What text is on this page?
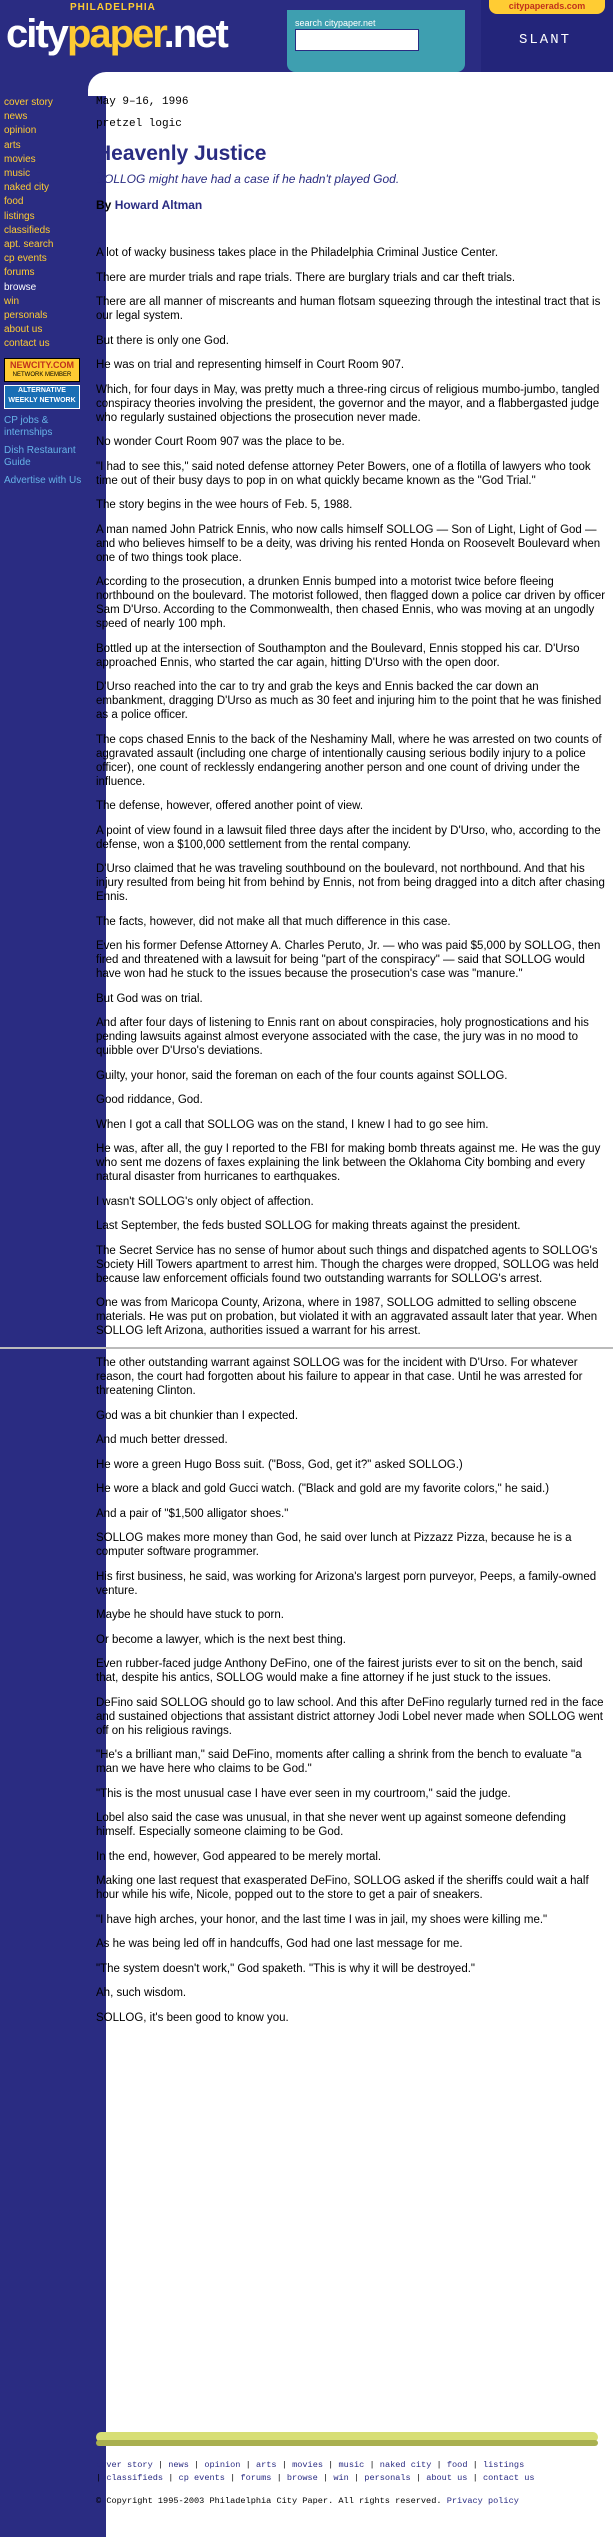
PHILADELPHIA
citypaper.net	search citypaper.net
citypaperads.com
SLANT
cover story
news
opinion
arts
movies
music
naked city
food
listings
classifieds
apt. search
cp events
forums
browse
win
personals
about us
contact us
NEWCITY.COM
NETWORK MEMBER
ALTERNATIVE
WEEKLY NETWORK
CP jobs & internships
Dish Restaurant Guide
Advertise with Us
May 9–16, 1996
pretzel logic
Heavenly Justice
SOLLOG might have had a case if he hadn't played God.
By Howard Altman

A lot of wacky business takes place in the Philadelphia Criminal Justice Center.

There are murder trials and rape trials. There are burglary trials and car theft trials.

There are all manner of miscreants and human flotsam squeezing through the intestinal tract that is our legal system.

But there is only one God.

He was on trial and representing himself in Court Room 907.

Which, for four days in May, was pretty much a three-ring circus of religious mumbo-jumbo, tangled conspiracy theories involving the president, the governor and the mayor, and a flabbergasted judge who regularly sustained objections the prosecution never made.

No wonder Court Room 907 was the place to be.

"I had to see this," said noted defense attorney Peter Bowers, one of a flotilla of lawyers who took time out of their busy days to pop in on what quickly became known as the "God Trial."

The story begins in the wee hours of Feb. 5, 1988.

A man named John Patrick Ennis, who now calls himself SOLLOG — Son of Light, Light of God — and who believes himself to be a deity, was driving his rented Honda on Roosevelt Boulevard when one of two things took place.

According to the prosecution, a drunken Ennis bumped into a motorist twice before fleeing northbound on the boulevard. The motorist followed, then flagged down a police car driven by officer Sam D'Urso. According to the Commonwealth, then chased Ennis, who was moving at an ungodly speed of nearly 100 mph.

Bottled up at the intersection of Southampton and the Boulevard, Ennis stopped his car. D'Urso approached Ennis, who started the car again, hitting D'Urso with the open door.

D'Urso reached into the car to try and grab the keys and Ennis backed the car down an embankment, dragging D'Urso as much as 30 feet and injuring him to the point that he was finished as a police officer.

The cops chased Ennis to the back of the Neshaminy Mall, where he was arrested on two counts of aggravated assault (including one charge of intentionally causing serious bodily injury to a police officer), one count of recklessly endangering another person and one count of driving under the influence.

The defense, however, offered another point of view.

A point of view found in a lawsuit filed three days after the incident by D'Urso, who, according to the defense, won a $100,000 settlement from the rental company.

D'Urso claimed that he was traveling southbound on the boulevard, not northbound. And that his injury resulted from being hit from behind by Ennis, not from being dragged into a ditch after chasing Ennis.

The facts, however, did not make all that much difference in this case.

Even his former Defense Attorney A. Charles Peruto, Jr. — who was paid $5,000 by SOLLOG, then fired and threatened with a lawsuit for being "part of the conspiracy" — said that SOLLOG would have won had he stuck to the issues because the prosecution's case was "manure."

But God was on trial.

And after four days of listening to Ennis rant on about conspiracies, holy prognostications and his pending lawsuits against almost everyone associated with the case, the jury was in no mood to quibble over D'Urso's deviations.

Guilty, your honor, said the foreman on each of the four counts against SOLLOG.

Good riddance, God.

When I got a call that SOLLOG was on the stand, I knew I had to go see him.

He was, after all, the guy I reported to the FBI for making bomb threats against me. He was the guy who sent me dozens of faxes explaining the link between the Oklahoma City bombing and every natural disaster from hurricanes to earthquakes.

I wasn't SOLLOG's only object of affection.

Last September, the feds busted SOLLOG for making threats against the president.

The Secret Service has no sense of humor about such things and dispatched agents to SOLLOG's Society Hill Towers apartment to arrest him. Though the charges were dropped, SOLLOG was held because law enforcement officials found two outstanding warrants for SOLLOG's arrest.

One was from Maricopa County, Arizona, where in 1987, SOLLOG admitted to selling obscene materials. He was put on probation, but violated it with an aggravated assault later that year. When SOLLOG left Arizona, authorities issued a warrant for his arrest.

The other outstanding warrant against SOLLOG was for the incident with D'Urso. For whatever reason, the court had forgotten about his failure to appear in that case. Until he was arrested for threatening Clinton.

God was a bit chunkier than I expected.

And much better dressed.

He wore a green Hugo Boss suit. ("Boss, God, get it?" asked SOLLOG.)

He wore a black and gold Gucci watch. ("Black and gold are my favorite colors," he said.)

And a pair of "$1,500 alligator shoes."

SOLLOG makes more money than God, he said over lunch at Pizzazz Pizza, because he is a computer software programmer.

His first business, he said, was working for Arizona's largest porn purveyor, Peeps, a family-owned venture.

Maybe he should have stuck to porn.

Or become a lawyer, which is the next best thing.

Even rubber-faced judge Anthony DeFino, one of the fairest jurists ever to sit on the bench, said that, despite his antics, SOLLOG would make a fine attorney if he just stuck to the issues.

DeFino said SOLLOG should go to law school. And this after DeFino regularly turned red in the face and sustained objections that assistant district attorney Jodi Lobel never made when SOLLOG went off on his religious ravings.

"He's a brilliant man," said DeFino, moments after calling a shrink from the bench to evaluate "a man we have here who claims to be God."

"This is the most unusual case I have ever seen in my courtroom," said the judge.

Lobel also said the case was unusual, in that she never went up against someone defending himself. Especially someone claiming to be God.

In the end, however, God appeared to be merely mortal.

Making one last request that exasperated DeFino, SOLLOG asked if the sheriffs could wait a half hour while his wife, Nicole, popped out to the store to get a pair of sneakers.

"I have high arches, your honor, and the last time I was in jail, my shoes were killing me."

As he was being led off in handcuffs, God had one last message for me.

"The system doesn't work," God spaketh. "This is why it will be destroyed."

Ah, such wisdom.

SOLLOG, it's been good to know you.

cover story | news | opinion | arts | movies | music | naked city | food | listings
| classifieds | cp events | forums | browse | win | personals | about us | contact us
© Copyright 1995-2003 Philadelphia City Paper. All rights reserved. Privacy policy
